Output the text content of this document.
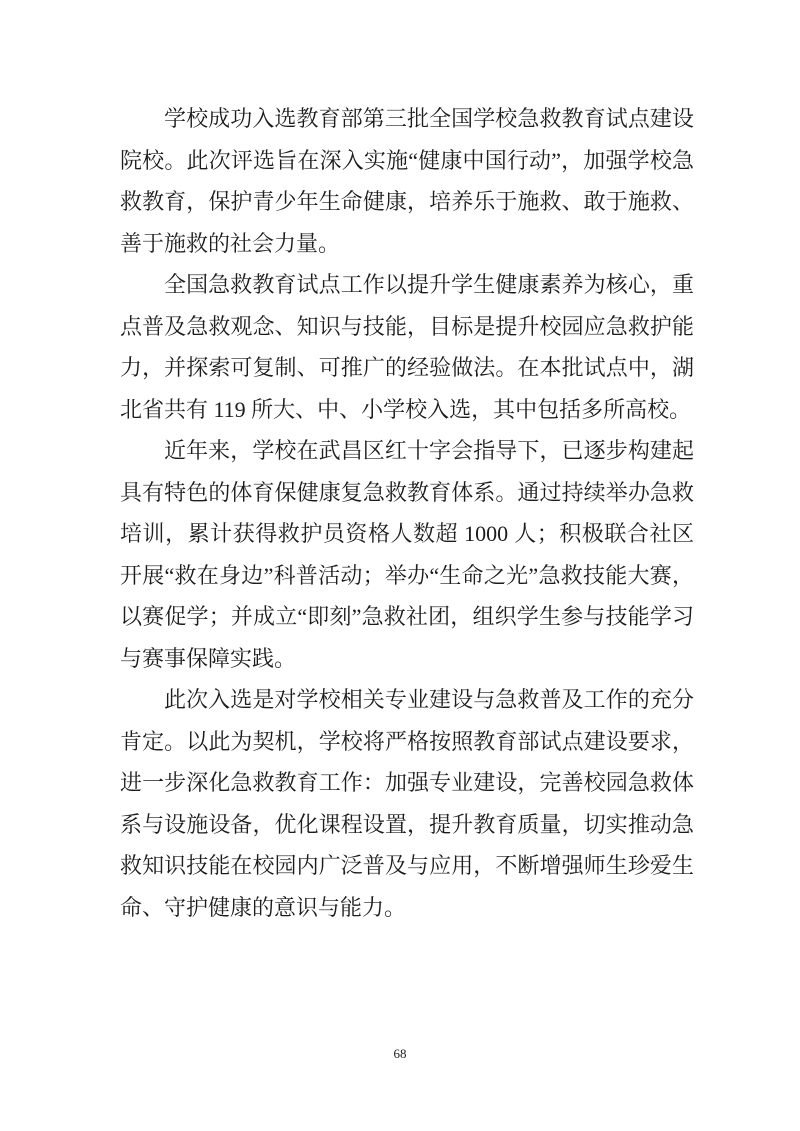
学校成功入选教育部第三批全国学校急救教育试点建设院校。此次评选旨在深入实施“健康中国行动”，加强学校急救教育，保护青少年生命健康，培养乐于施救、敢于施救、善于施救的社会力量。

全国急救教育试点工作以提升学生健康素养为核心，重点普及急救观念、知识与技能，目标是提升校园应急救护能力，并探索可复制、可推广的经验做法。在本批试点中，湖北省共有 119 所大、中、小学校入选，其中包括多所高校。

近年来，学校在武昌区红十字会指导下，已逐步构建起具有特色的体育保健康复急救教育体系。通过持续举办急救培训，累计获得救护员资格人数超 1000 人；积极联合社区开展“救在身边”科普活动；举办“生命之光”急救技能大赛，以赛促学；并成立“即刻”急救社团，组织学生参与技能学习与赛事保障实践。

此次入选是对学校相关专业建设与急救普及工作的充分肯定。以此为契机，学校将严格按照教育部试点建设要求，进一步深化急救教育工作：加强专业建设，完善校园急救体系与设施设备，优化课程设置，提升教育质量，切实推动急救知识技能在校园内广泛普及与应用，不断增强师生珍爱生命、守护健康的意识与能力。

68
